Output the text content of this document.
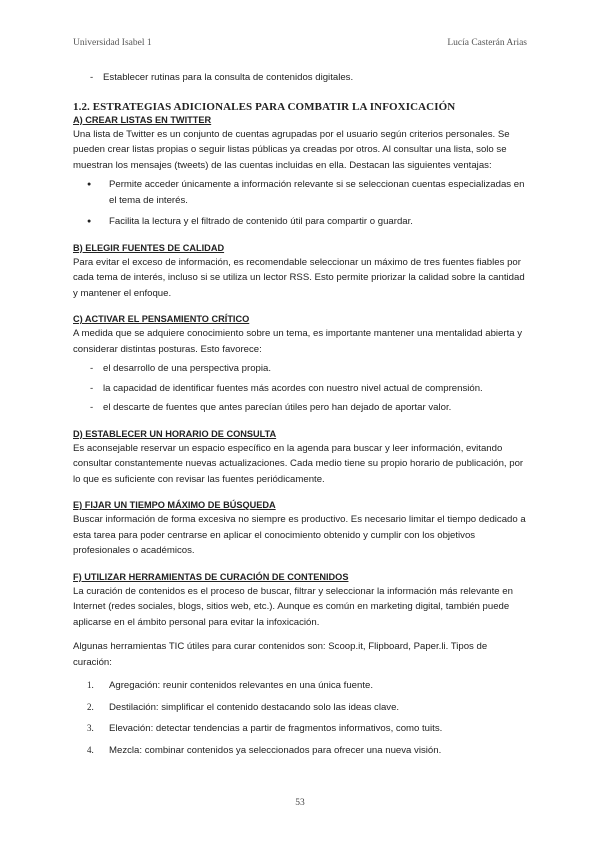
Universidad Isabel 1	Lucía Casterán Arias
- Establecer rutinas para la consulta de contenidos digitales.
1.2. ESTRATEGIAS ADICIONALES PARA COMBATIR LA INFOXICACIÓN
A) CREAR LISTAS EN TWITTER

Una lista de Twitter es un conjunto de cuentas agrupadas por el usuario según criterios personales. Se pueden crear listas propias o seguir listas públicas ya creadas por otros. Al consultar una lista, solo se muestran los mensajes (tweets) de las cuentas incluidas en ella. Destacan las siguientes ventajas:

● Permite acceder únicamente a información relevante si se seleccionan cuentas especializadas en el tema de interés.
● Facilita la lectura y el filtrado de contenido útil para compartir o guardar.
B) ELEGIR FUENTES DE CALIDAD

Para evitar el exceso de información, es recomendable seleccionar un máximo de tres fuentes fiables por cada tema de interés, incluso si se utiliza un lector RSS. Esto permite priorizar la calidad sobre la cantidad y mantener el enfoque.

C) ACTIVAR EL PENSAMIENTO CRÍTICO

A medida que se adquiere conocimiento sobre un tema, es importante mantener una mentalidad abierta y considerar distintas posturas. Esto favorece:

- el desarrollo de una perspectiva propia.
- la capacidad de identificar fuentes más acordes con nuestro nivel actual de comprensión.
- el descarte de fuentes que antes parecían útiles pero han dejado de aportar valor.
D) ESTABLECER UN HORARIO DE CONSULTA

Es aconsejable reservar un espacio específico en la agenda para buscar y leer información, evitando consultar constantemente nuevas actualizaciones. Cada medio tiene su propio horario de publicación, por lo que es suficiente con revisar las fuentes periódicamente.

E) FIJAR UN TIEMPO MÁXIMO DE BÚSQUEDA

Buscar información de forma excesiva no siempre es productivo. Es necesario limitar el tiempo dedicado a esta tarea para poder centrarse en aplicar el conocimiento obtenido y cumplir con los objetivos profesionales o académicos.

F) UTILIZAR HERRAMIENTAS DE CURACIÓN DE CONTENIDOS

La curación de contenidos es el proceso de buscar, filtrar y seleccionar la información más relevante en Internet (redes sociales, blogs, sitios web, etc.). Aunque es común en marketing digital, también puede aplicarse en el ámbito personal para evitar la infoxicación.

Algunas herramientas TIC útiles para curar contenidos son: Scoop.it, Flipboard, Paper.li. Tipos de curación:

1. Agregación: reunir contenidos relevantes en una única fuente.
2. Destilación: simplificar el contenido destacando solo las ideas clave.
3. Elevación: detectar tendencias a partir de fragmentos informativos, como tuits.
4. Mezcla: combinar contenidos ya seleccionados para ofrecer una nueva visión.
53
